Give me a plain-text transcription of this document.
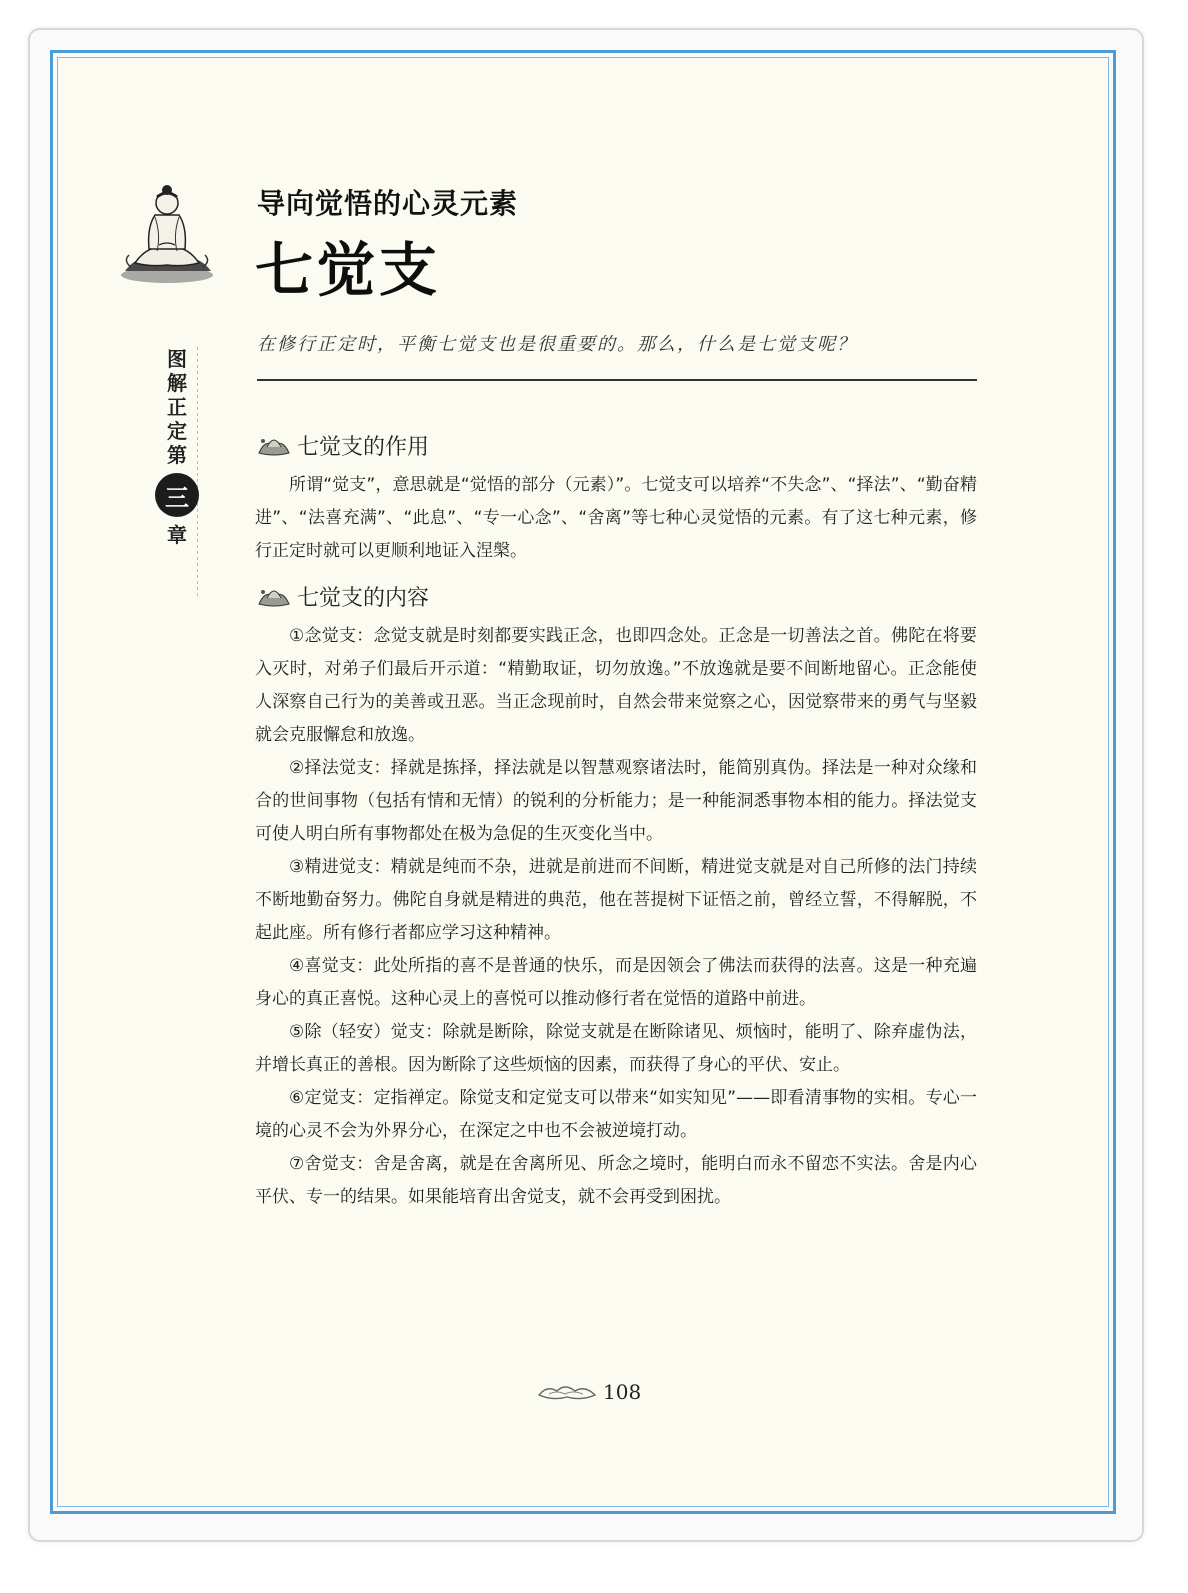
图
解
正
定
第
三
章
导向觉悟的心灵元素
七觉支
在修行正定时，平衡七觉支也是很重要的。那么，什么是七觉支呢？
七觉支的作用

所谓“觉支”，意思就是“觉悟的部分（元素）”。七觉支可以培养“不失念”、“择法”、“勤奋精进”、“法喜充满”、“此息”、“专一心念”、“舍离”等七种心灵觉悟的元素。有了这七种元素，修行正定时就可以更顺利地证入涅槃。

七觉支的内容

①念觉支：念觉支就是时刻都要实践正念，也即四念处。正念是一切善法之首。佛陀在将要入灭时，对弟子们最后开示道：“精勤取证，切勿放逸。”不放逸就是要不间断地留心。正念能使人深察自己行为的美善或丑恶。当正念现前时，自然会带来觉察之心，因觉察带来的勇气与坚毅就会克服懈怠和放逸。

②择法觉支：择就是拣择，择法就是以智慧观察诸法时，能简别真伪。择法是一种对众缘和合的世间事物（包括有情和无情）的锐利的分析能力；是一种能洞悉事物本相的能力。择法觉支可使人明白所有事物都处在极为急促的生灭变化当中。

③精进觉支：精就是纯而不杂，进就是前进而不间断，精进觉支就是对自己所修的法门持续不断地勤奋努力。佛陀自身就是精进的典范，他在菩提树下证悟之前，曾经立誓，不得解脱，不起此座。所有修行者都应学习这种精神。

④喜觉支：此处所指的喜不是普通的快乐，而是因领会了佛法而获得的法喜。这是一种充遍身心的真正喜悦。这种心灵上的喜悦可以推动修行者在觉悟的道路中前进。

⑤除（轻安）觉支：除就是断除，除觉支就是在断除诸见、烦恼时，能明了、除弃虚伪法，并增长真正的善根。因为断除了这些烦恼的因素，而获得了身心的平伏、安止。

⑥定觉支：定指禅定。除觉支和定觉支可以带来“如实知见”——即看清事物的实相。专心一境的心灵不会为外界分心，在深定之中也不会被逆境打动。

⑦舍觉支：舍是舍离，就是在舍离所见、所念之境时，能明白而永不留恋不实法。舍是内心平伏、专一的结果。如果能培育出舍觉支，就不会再受到困扰。

108
